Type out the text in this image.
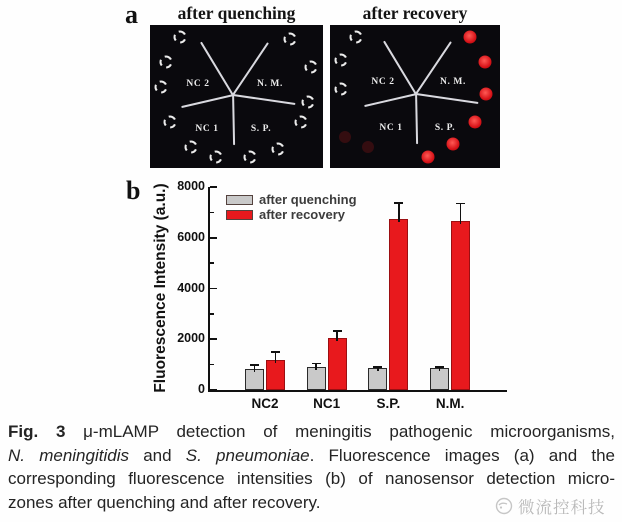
a	after quenching
NC 2	N. M.
NC 1	S. P.
after recovery
NC 2	N. M.
NC 1	S. P.
b Fluorescence Intensity (a.u.)	0
2000
4000
6000
8000
NC2	NC1	S.P.	N.M.
after quenching
after recovery
Fig. 3 μ-mLAMP detection of meningitis pathogenic microorganisms,
N. meningitidis and S. pneumoniae. Fluorescence images (a) and the
corresponding fluorescence intensities (b) of nanosensor detection micro-
zones after quenching and after recovery.	微流控科技
